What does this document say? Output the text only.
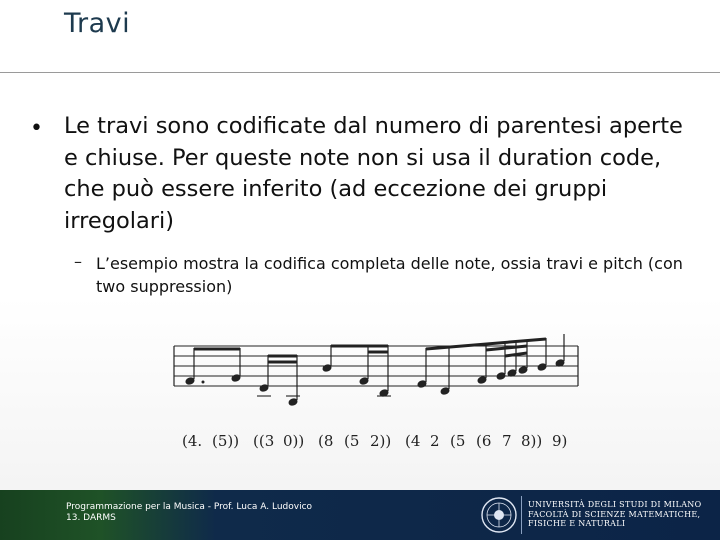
Travi
• Le travi sono codificate dal numero di parentesi aperte e chiuse. Per queste note non si usa il duration code, che può essere inferito (ad eccezione dei gruppi irregolari)
– L’esempio mostra la codifica completa delle note, ossia travi e pitch (con two suppression)
(4. (5)) ((3 0)) (8 (5 2)) (4 2 (5 (6 7 8)) 9)
Programmazione per la Musica - Prof. Luca A. Ludovico
13. DARMS
UNIVERSITÀ DEGLI STUDI DI MILANO
FACOLTÀ DI SCIENZE MATEMATICHE,
FISICHE E NATURALI
